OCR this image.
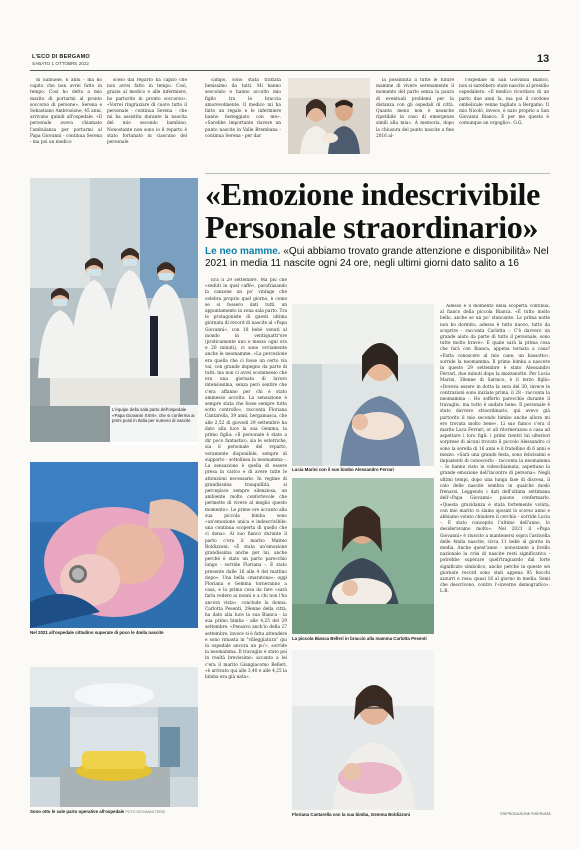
L'ECO DI BERGAMO
SABATO 1 OTTOBRE 2022	13

di Samuele, 6 anni - ma ho capito che non avrei fatto in tempo. Così ho detto a mio marito di portarmi al pronto soccorso di persone». Serena e Sebastiano Ambrosione, 45 anni, arrivano quindi all'ospedale. «Il personale aveva chiamato l'ambulanza per portarmi al Papa Giovanni - continua Serena - ma poi un medico

sceso dal reparto ha capito che non avrei fatto in tempo. Così, grazie al medico e alle infermiere, ho partorito in pronto soccorso». «Vorrei ringraziare di cuore tutto il personale - continua Serena - che mi ha assistita durante la nascita del mio secondo bambino. Nonostante non sono io il reparto è stato fortunato in ciascuno del personale

campo, sono stata trattata benissimo da tutti. Mi hanno seocolato e hanno accolto mio figlio tra le braccia amorevolmente. Il medico mi ha fatto un regalo e le infermiere hanno festeggiato con me». «Sarebbe importante riavere un punto nascite in Valle Brembana - continua Serena - per dar

la possibilità a tutte le future mamme di vivere serenamente il momento del parto senza la paura di eventuali problemi per la distanza con gli ospedali di città. Quanto meno non è neanche ripetibile in caso di emergenze simili alla mia». A memoria, dopo la chiusura del punto nascite a fine 2016 al-

l'ospedale di San Giovanni Bianco, non si sarebbero state nascite al presidio ospedaliero. «Il medico ricordava di un parto due anni fa, ma poi il cordone ombelicale venne tagliato a Bergamo. Il mio Nicolò, invece, è nato proprio a San Giovanni Bianco. E per me questo è comunque un orgoglio». G.G.

L'équipe della sala parto dell'ospedale «Papa Giovanni XXIII», che si conferma ai primi posti in Italia per numero di nascite
«Emozione indescrivibile
Personale straordinario»
Le neo mamme. «Qui abbiamo trovato grande attenzione e disponibilità» Nel 2021 in media 11 nascite ogni 24 ore, negli ultimi giorni dato salito a 16
Nel 2021 all'ospedale cittadino superate di poco le 4mila nascite
Sono otto le sale parto operative all'ospedale FOTO GIOVANNI TERZI

Era il 29 settembre. Ma più che «seduti in quel caffè», parafrasando la canzone un po' vintage che celebra proprio quel giorno, è come se si fossero dati tutti un appuntamento in zona sala parto. Tra le protagoniste di questi ultima giornata di record di nascite al «Papa Giovanni», con 18 bebè venuti al mondo in ventiquattr'ore (praticamente uno e mezzo ogni ora e 20 minuti), ci sono ovviamente anche le neomamme. «La percezione era quella che ci fosse un certo via vai, con grande impegno da parte di tutti: ma non ci avrei scommesso che era una giornata di lavoro intensissima, senza però sentire che c'era affanno per chi è stato ammesso accolto. La sensazione è sempre stata che fosse sempre tutto sotto controllo», racconta Floriana Cantarella, 39 anni, bergamasca, che alle 2,52 di giovedì 29 settembre ha dato alla luce la sua Gemma, la primo figlia: «Il personale è stato a dir poco fantastico, sia le ostetriche, sia il personale del reparto, veramente disponibile, sempre di supporto - sottolinea la neomamma -. La sensazione è quella di essere presa in carico e di avere tutte le attenzioni necessarie. In regime di grandissima tranquillità, si percepisce sempre silenziosa, un ambiente molto confortevole che permette di vivere al meglio questo momento». Le prime ore accanto alla sua piccola bimba sono «un'emozione unica e indescrivibile: una continua scoperta di quello che ci dona». Al suo fianco durante il parto c'era il marito Matteo Boldizzoni: «È stata un'emozione grandissima anche per lui, anche perché è stato un parto parecchio lungo - sorride Floriana -. È stato presente dalle 16 alle 4 del mattino dopo». Una bella «maratona»: oggi Floriana e Gemma torneranno a casa, e la prima cosa da fare «sarà farla vedere ai nonni e a chi non l'ha ancora vista», conclude la donna. Carlotta Pesenti, 29enne della città, ha dato alla luce la sua Bianca - la sua primo bimba - alle 4,25 del 29 settembre. «Pensavo anch'io della 27 settembre, invece si è fatta attendere e sono rimasta in "villeggiatura" qui in ospedale ancora un po'», sorride la neomamma. Il travaglio è stato poi in realtà brevissimo: accanto a lei c'era il marito Giangiacomo Belleri, «è arrivato qui alle 3,40 e alle 4,25 la bimba era già nata».

Lucia Marini con il suo bimbo Alessandro Ferrari
La piccola Bianca Belleri in braccio alla mamma Carlotta Pesenti
Floriana Cantarella con la sua bimba, Gemma Boldizzoni

Adesso è il momento della scoperta continua, al fianco della piccola Bianca. «È tutto molto bello, anche se un po' stancante. La prima notte non ho dormito, adesso è tutto nuovo, tutto da scoprire - racconta Carlotta -. C'è davvero un grande aiuto da parte di tutto il personale, sono tutte molto brave». E quale sarà la prima cosa che farà con Bianca, appena tornata a casa? «Farla conoscere al mio cane, un bassotto», sorride la neomamma. Il primo bimba a nascere in questo 29 settembre è stato Alessandro Ferrari, due minuti dopo la mezzanotte. Per Lucia Marini, 38enne di Sarnico, è il terzo figlio: «Doveva essere in dotta la sera del 30, invece le contrazioni sono iniziate prima, il 28 - racconta la neomamma -. Ho sofferto parecchio durante il travaglio, ma tutto è andato bene. Il personale è stato davvero straordinario, qui avevo già partorito il mio secondo bimbo anche allora mi ero trovata molto bene». Lì suo fianco c'era il marito Luca Ferrari, or ali ritorneranno a casa ad aspettare i loro figli: i primi rientri lui ulteriori sorprese di alcuni trovato il piccolo Alessandro ci sono la sorella di 16 anni e il fratellino di 6 anni e mezzo. «Sarà una grande festa, sono felicissimi e impazienti di conoscerlo - racconta la neomamma -. Io hanno visto in videochiamata, aspettano la grande emozione dell'incontro di persona». Negli ultimi tempi, dopo una lunga fase di discesa, il calo delle nascite sembra in qualche modo frenarsi. Leggendo i dati dell'ultima settimana dell'«Papa Giovanni» paiono confermarlo. «Questa gravidanza è stata fortemente voluta, con mio marito ci siamo sposati lo scorso anno e abbiamo voluto chiudere il cerchio - sorride Lucia -. È stato concepito l'ultimo dell'anno, lo desideravamo molto». Nel 2021 il «Papa Giovanni» è riuscito a mantenersi sopra l'asticella delle 4mila nascite, circa 11 bebè al giorno in media. Anche quest'anno - nonostante a livello nazionale la crisi di nascite resti significativa - potrebbe superare quell'traguardo dal forte significato simbolico, anche perché in queste sei giornate record sono stati appena 95 fiocchi azzurri e rosa: quasi 16 al giorno in media. Semi che descrivono, contro l'«inverno demografico». L.B.

©RIPRODUZIONE RISERVATA
